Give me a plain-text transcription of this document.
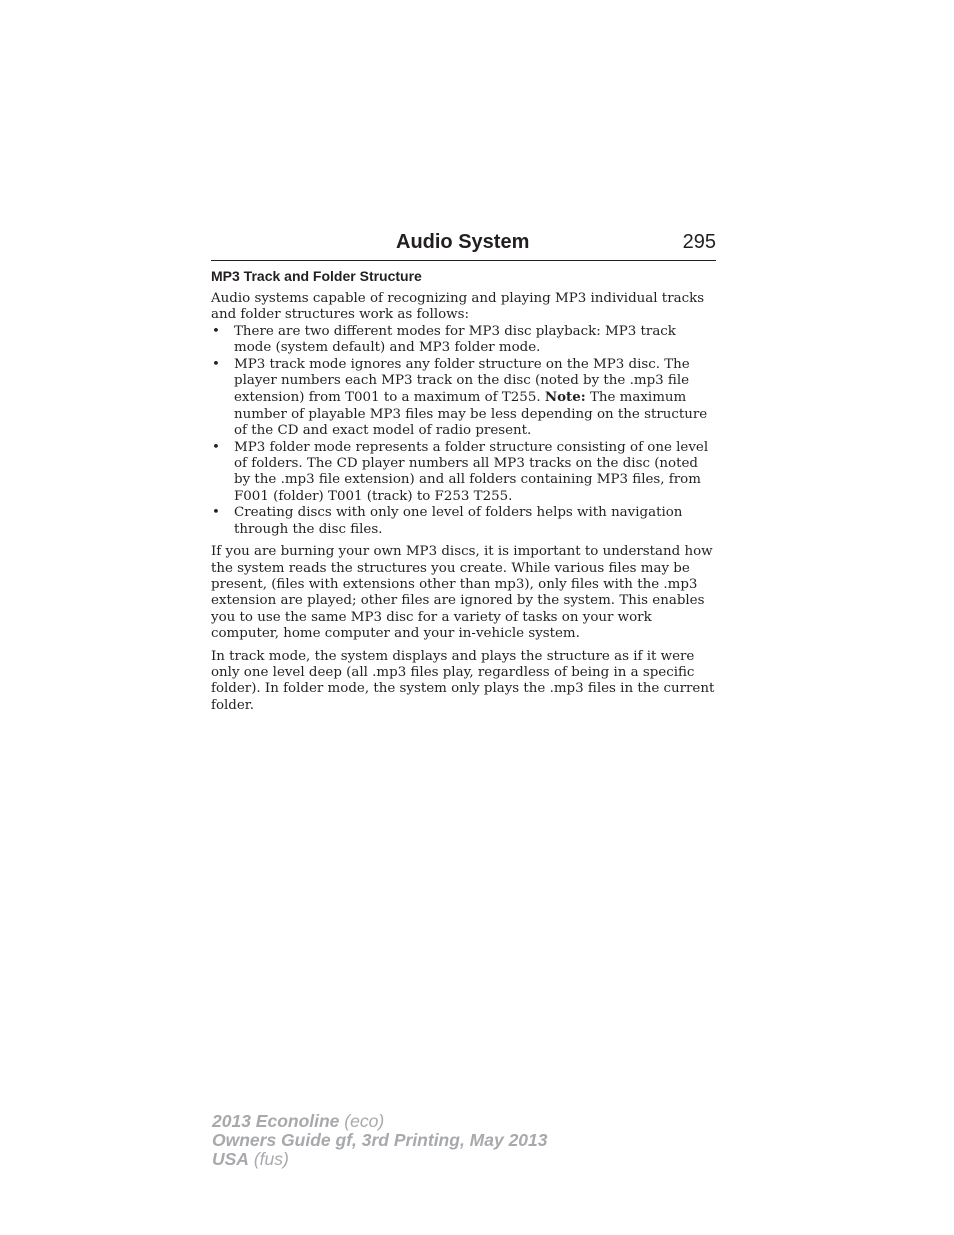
Audio System	295
MP3 Track and Folder Structure

Audio systems capable of recognizing and playing MP3 individual tracks and folder structures work as follows:

• There are two different modes for MP3 disc playback: MP3 track mode (system default) and MP3 folder mode.
• MP3 track mode ignores any folder structure on the MP3 disc. The player numbers each MP3 track on the disc (noted by the .mp3 file extension) from T001 to a maximum of T255. Note: The maximum number of playable MP3 files may be less depending on the structure of the CD and exact model of radio present.
• MP3 folder mode represents a folder structure consisting of one level of folders. The CD player numbers all MP3 tracks on the disc (noted by the .mp3 file extension) and all folders containing MP3 files, from F001 (folder) T001 (track) to F253 T255.
• Creating discs with only one level of folders helps with navigation through the disc files.

If you are burning your own MP3 discs, it is important to understand how the system reads the structures you create. While various files may be present, (files with extensions other than mp3), only files with the .mp3 extension are played; other files are ignored by the system. This enables you to use the same MP3 disc for a variety of tasks on your work computer, home computer and your in-vehicle system.

In track mode, the system displays and plays the structure as if it were only one level deep (all .mp3 files play, regardless of being in a specific folder). In folder mode, the system only plays the .mp3 files in the current folder.

2013 Econoline (eco)
Owners Guide gf, 3rd Printing, May 2013
USA (fus)
